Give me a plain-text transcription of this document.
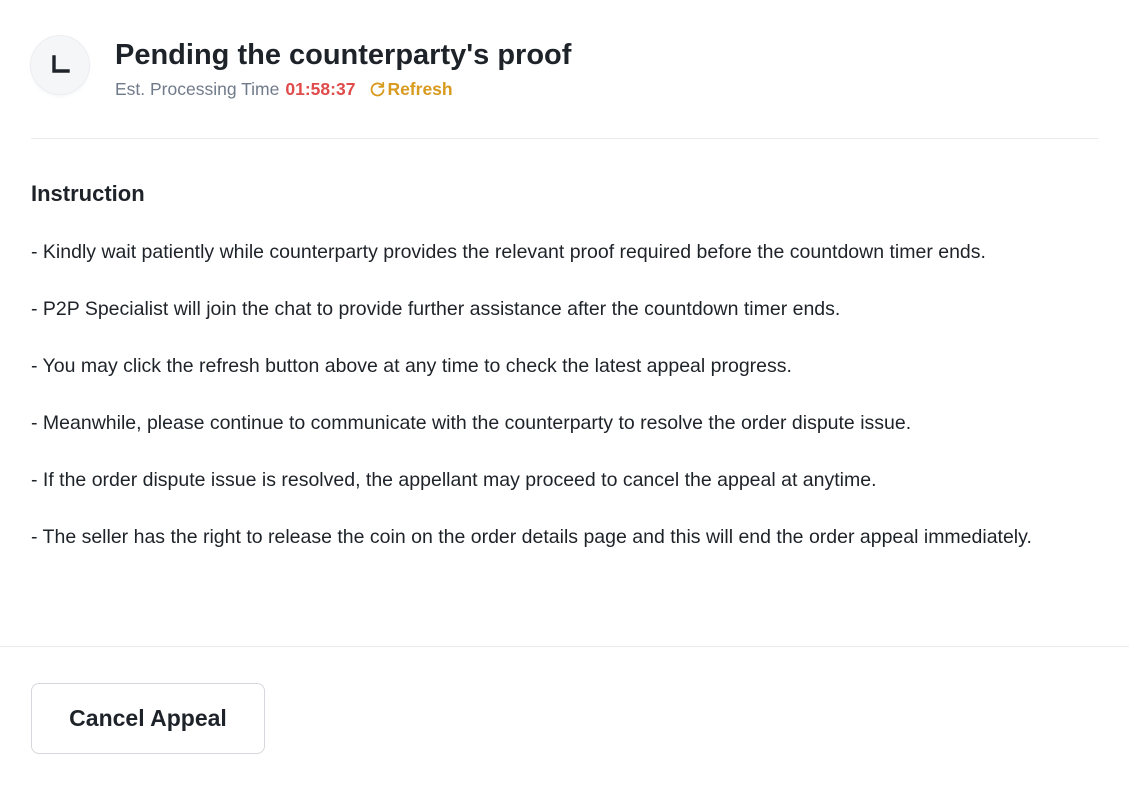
Pending the counterparty's proof
Est. Processing Time 01:58:37 Refresh
Instruction
- Kindly wait patiently while counterparty provides the relevant proof required before the countdown timer ends.
- P2P Specialist will join the chat to provide further assistance after the countdown timer ends.
- You may click the refresh button above at any time to check the latest appeal progress.
- Meanwhile, please continue to communicate with the counterparty to resolve the order dispute issue.
- If the order dispute issue is resolved, the appellant may proceed to cancel the appeal at anytime.
- The seller has the right to release the coin on the order details page and this will end the order appeal immediately.
Cancel Appeal
